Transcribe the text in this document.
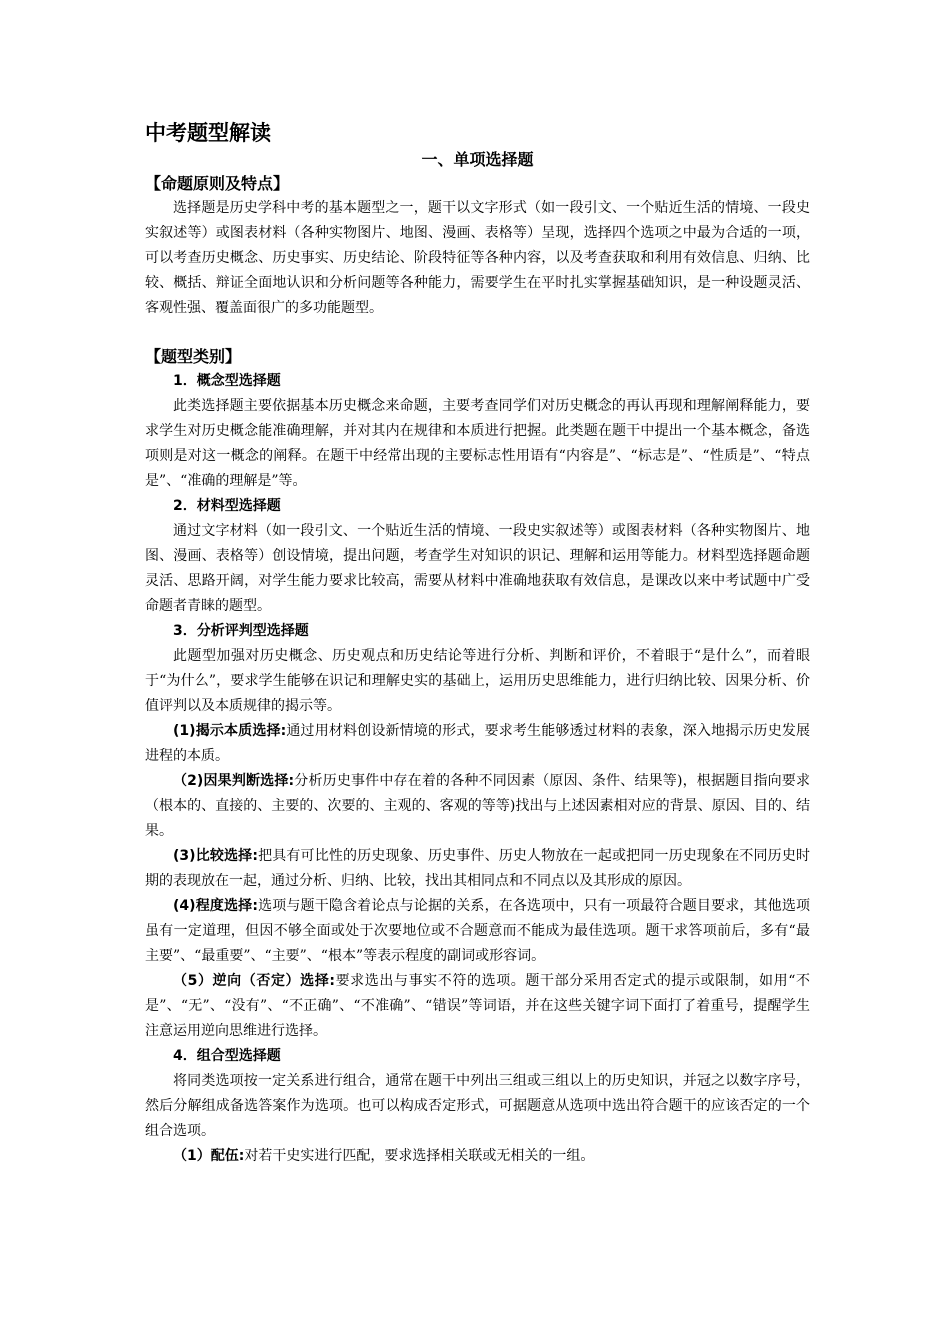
中考题型解读
一、单项选择题
【命题原则及特点】

选择题是历史学科中考的基本题型之一，题干以文字形式（如一段引文、一个贴近生活的情境、一段史实叙述等）或图表材料（各种实物图片、地图、漫画、表格等）呈现，选择四个选项之中最为合适的一项，可以考查历史概念、历史事实、历史结论、阶段特征等各种内容，以及考查获取和利用有效信息、归纳、比较、概括、辩证全面地认识和分析问题等各种能力，需要学生在平时扎实掌握基础知识，是一种设题灵活、客观性强、覆盖面很广的多功能题型。

【题型类别】
1．概念型选择题

此类选择题主要依据基本历史概念来命题，主要考查同学们对历史概念的再认再现和理解阐释能力，要求学生对历史概念能准确理解，并对其内在规律和本质进行把握。此类题在题干中提出一个基本概念，备选项则是对这一概念的阐释。在题干中经常出现的主要标志性用语有“内容是”、“标志是”、“性质是”、“特点是”、“准确的理解是”等。

2．材料型选择题

通过文字材料（如一段引文、一个贴近生活的情境、一段史实叙述等）或图表材料（各种实物图片、地图、漫画、表格等）创设情境，提出问题，考查学生对知识的识记、理解和运用等能力。材料型选择题命题灵活、思路开阔，对学生能力要求比较高，需要从材料中准确地获取有效信息，是课改以来中考试题中广受命题者青睐的题型。

3．分析评判型选择题

此题型加强对历史概念、历史观点和历史结论等进行分析、判断和评价，不着眼于“是什么”，而着眼于“为什么”，要求学生能够在识记和理解史实的基础上，运用历史思维能力，进行归纳比较、因果分析、价值评判以及本质规律的揭示等。

(1)揭示本质选择:通过用材料创设新情境的形式，要求考生能够透过材料的表象，深入地揭示历史发展进程的本质。

（2)因果判断选择:分析历史事件中存在着的各种不同因素（原因、条件、结果等)，根据题目指向要求（根本的、直接的、主要的、次要的、主观的、客观的等等)找出与上述因素相对应的背景、原因、目的、结果。

(3)比较选择:把具有可比性的历史现象、历史事件、历史人物放在一起或把同一历史现象在不同历史时期的表现放在一起，通过分析、归纳、比较，找出其相同点和不同点以及其形成的原因。

(4)程度选择:选项与题干隐含着论点与论据的关系，在各选项中，只有一项最符合题目要求，其他选项虽有一定道理，但因不够全面或处于次要地位或不合题意而不能成为最佳选项。题干求答项前后，多有“最主要”、“最重要”、“主要”、“根本”等表示程度的副词或形容词。

（5）逆向（否定）选择:要求选出与事实不符的选项。题干部分采用否定式的提示或限制，如用“不是”、“无”、“没有”、“不正确”、“不准确”、“错误”等词语，并在这些关键字词下面打了着重号，提醒学生注意运用逆向思维进行选择。

4．组合型选择题

将同类选项按一定关系进行组合，通常在题干中列出三组或三组以上的历史知识，并冠之以数字序号，然后分解组成备选答案作为选项。也可以构成否定形式，可据题意从选项中选出符合题干的应该否定的一个组合选项。

（1）配伍:对若干史实进行匹配，要求选择相关联或无相关的一组。
